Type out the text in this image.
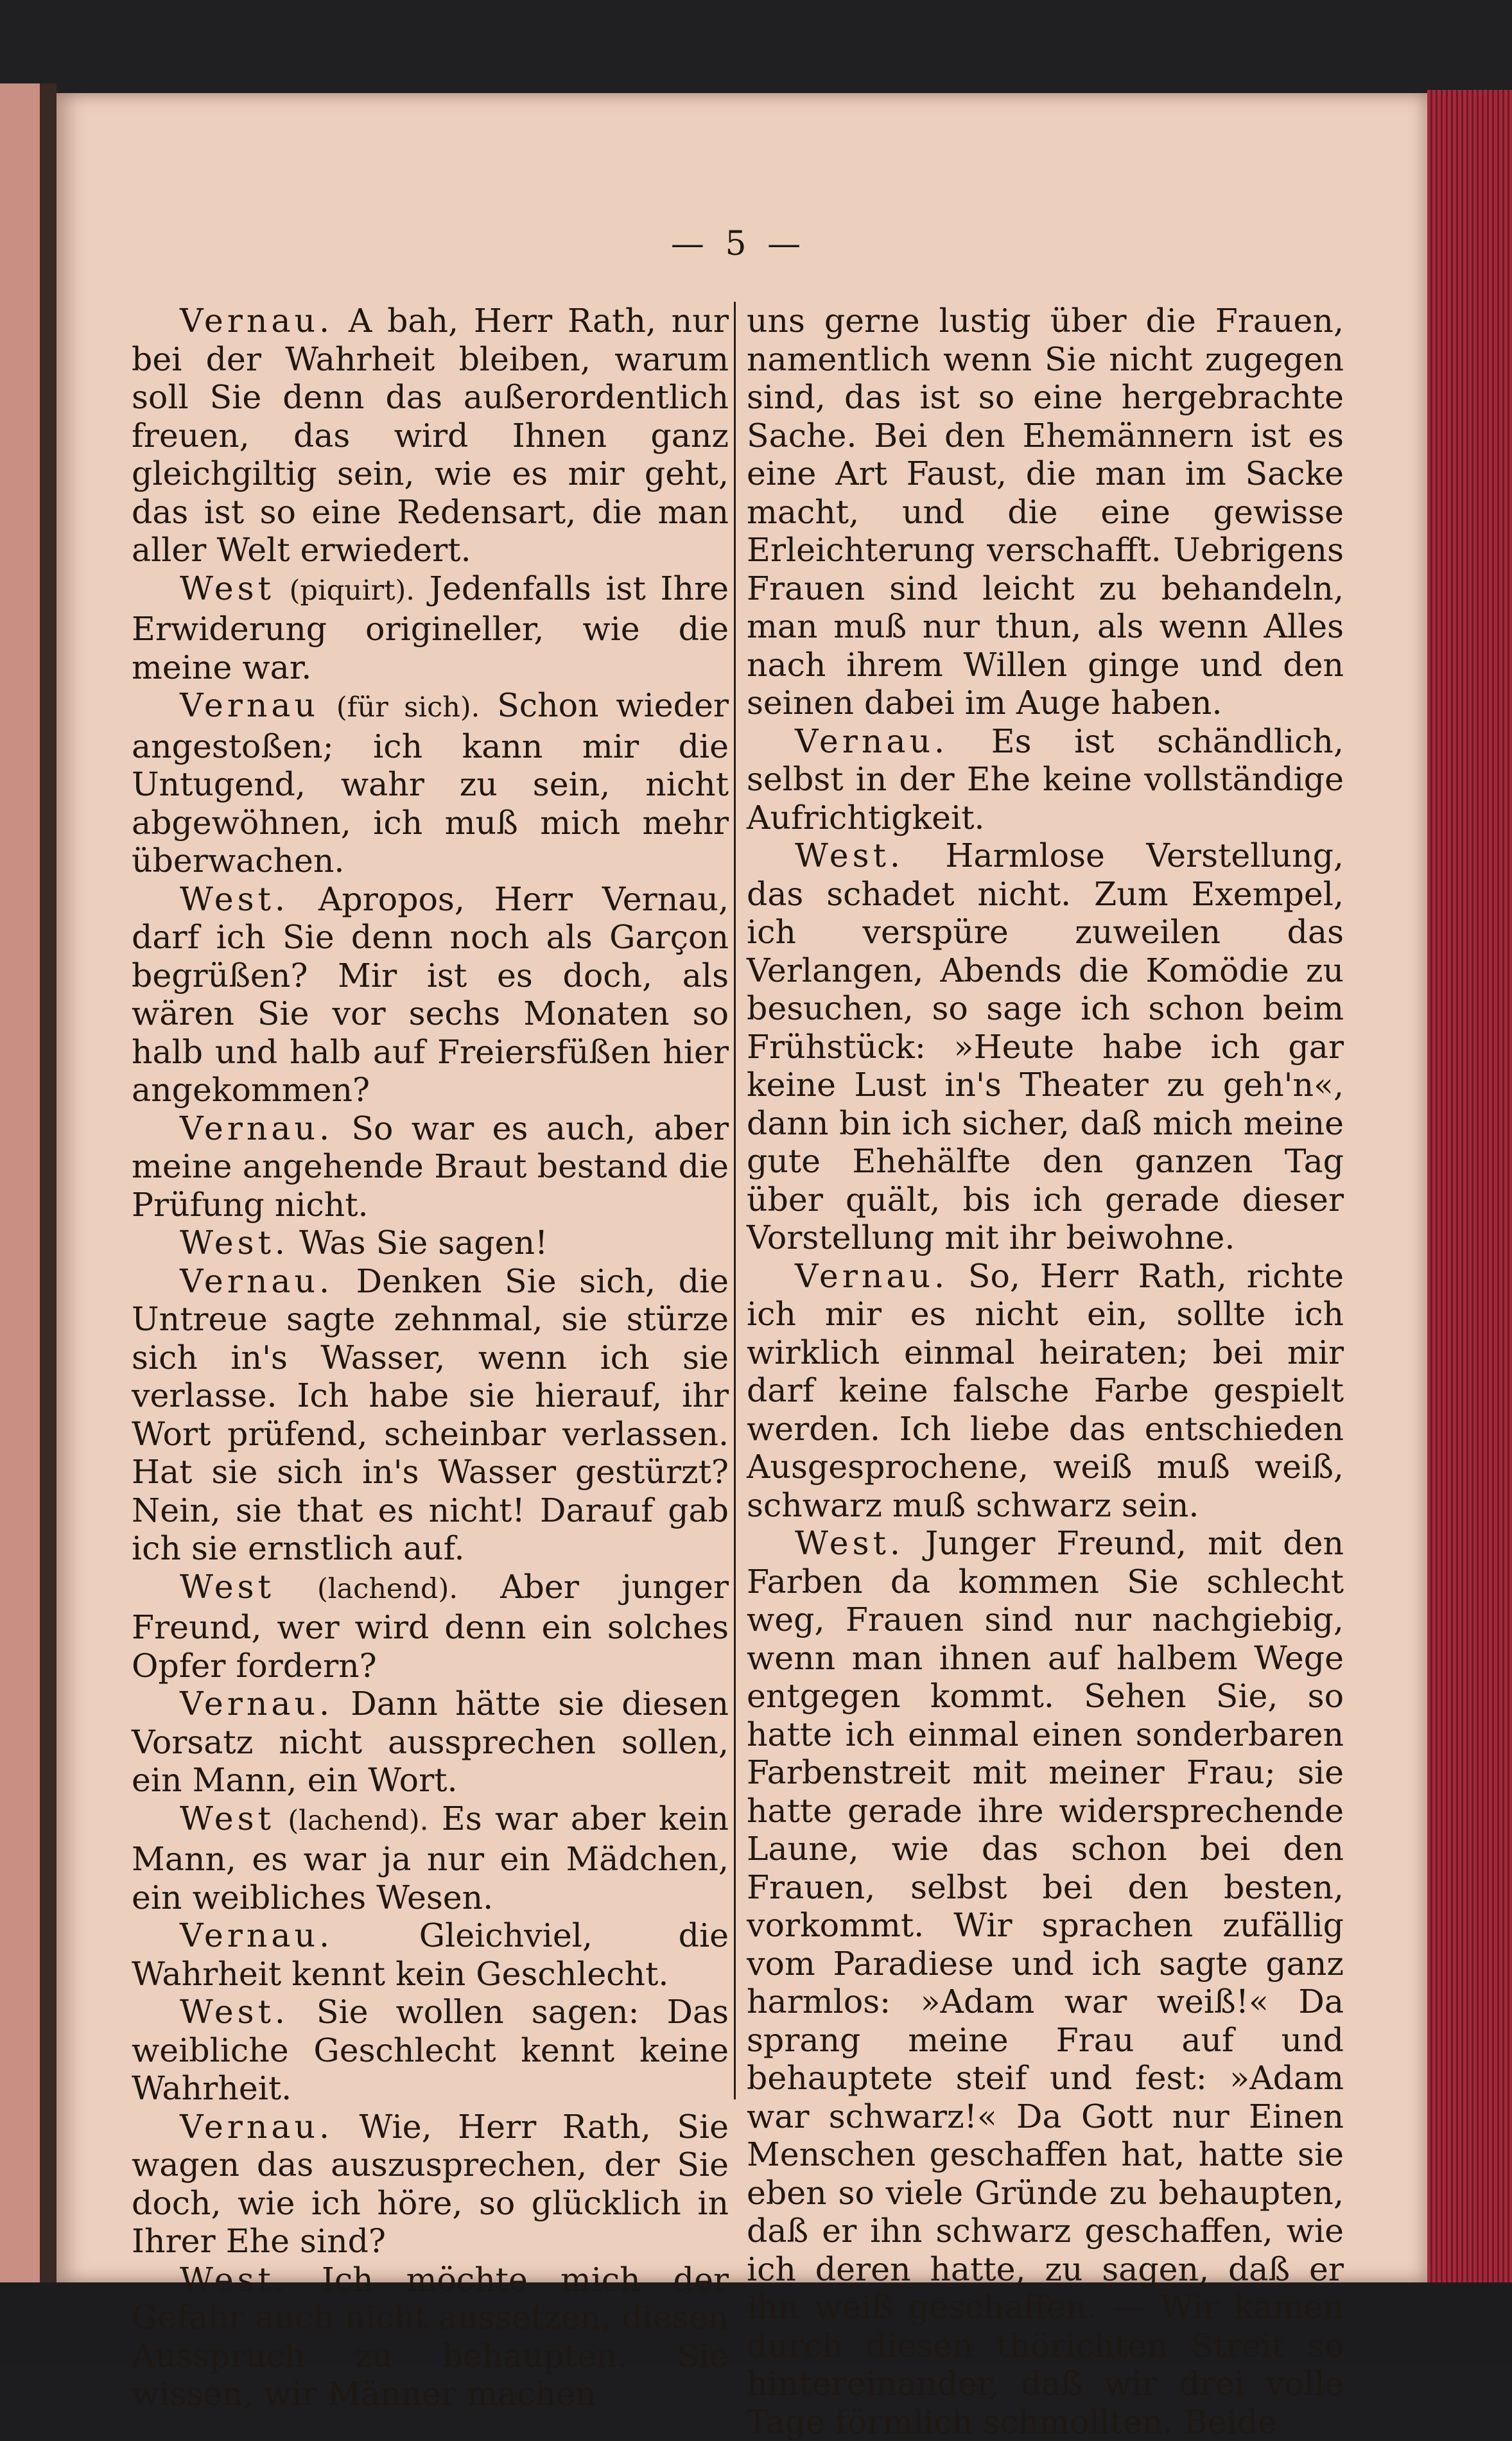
— 5 —

Vernau. A bah, Herr Rath, nur bei der Wahrheit bleiben, warum soll Sie denn das außerordentlich freuen, das wird Ihnen ganz gleichgiltig sein, wie es mir geht, das ist so eine Redensart, die man aller Welt erwiedert.

West (piquirt). Jedenfalls ist Ihre Erwiderung origineller, wie die meine war.

Vernau (für sich). Schon wieder angestoßen; ich kann mir die Untugend, wahr zu sein, nicht abgewöhnen, ich muß mich mehr überwachen.

West. Apropos, Herr Vernau, darf ich Sie denn noch als Garçon begrüßen? Mir ist es doch, als wären Sie vor sechs Monaten so halb und halb auf Freiersfüßen hier angekommen?

Vernau. So war es auch, aber meine angehende Braut bestand die Prüfung nicht.

West. Was Sie sagen!

Vernau. Denken Sie sich, die Untreue sagte zehnmal, sie stürze sich in's Wasser, wenn ich sie verlasse. Ich habe sie hierauf, ihr Wort prüfend, scheinbar verlassen. Hat sie sich in's Wasser gestürzt? Nein, sie that es nicht! Darauf gab ich sie ernstlich auf.

West (lachend). Aber junger Freund, wer wird denn ein solches Opfer fordern?

Vernau. Dann hätte sie diesen Vorsatz nicht aussprechen sollen, ein Mann, ein Wort.

West (lachend). Es war aber kein Mann, es war ja nur ein Mädchen, ein weibliches Wesen.

Vernau.	Gleichviel, die Wahrheit kennt kein Geschlecht.

West. Sie wollen sagen: Das weibliche Geschlecht kennt keine Wahrheit.

Vernau. Wie, Herr Rath, Sie wagen das auszusprechen, der Sie doch, wie ich höre, so glücklich in Ihrer Ehe sind?

West. Ich möchte mich der Gefahr auch nicht aussetzen, diesen Ausspruch zu behaupten. Sie wissen, wir Männer machen

uns gerne lustig über die Frauen, namentlich wenn Sie nicht zugegen sind, das ist so eine hergebrachte Sache. Bei den Ehemännern ist es eine Art Faust, die man im Sacke macht, und die eine gewisse Erleichterung verschafft. Uebrigens Frauen sind leicht zu behandeln, man muß nur thun, als wenn Alles nach ihrem Willen ginge und den seinen dabei im Auge haben.

Vernau. Es ist schändlich, selbst in der Ehe keine vollständige Aufrichtigkeit.

West. Harmlose Verstellung, das schadet nicht. Zum Exempel, ich verspüre zuweilen das Verlangen, Abends die Komödie zu besuchen, so sage ich schon beim Frühstück: »Heute habe ich gar keine Lust in's Theater zu geh'n«, dann bin ich sicher, daß mich meine gute Ehehälfte den ganzen Tag über quält, bis ich gerade dieser Vorstellung mit ihr beiwohne.

Vernau. So, Herr Rath, richte ich mir es nicht ein, sollte ich wirklich einmal heiraten; bei mir darf keine falsche Farbe gespielt werden. Ich liebe das entschieden Ausgesprochene, weiß muß weiß, schwarz muß schwarz sein.

West. Junger Freund, mit den Farben da kommen Sie schlecht weg, Frauen sind nur nachgiebig, wenn man ihnen auf halbem Wege entgegen kommt. Sehen Sie, so hatte ich einmal einen sonderbaren Farbenstreit mit meiner Frau; sie hatte gerade ihre widersprechende Laune, wie das schon bei den Frauen, selbst bei den besten, vorkommt. Wir sprachen zufällig vom Paradiese und ich sagte ganz harmlos: »Adam war weiß!« Da sprang meine Frau auf und behauptete steif und fest: »Adam war schwarz!« Da Gott nur Einen Menschen geschaffen hat, hatte sie eben so viele Gründe zu behaupten, daß er ihn schwarz geschaffen, wie ich deren hatte, zu sagen, daß er ihn weiß geschaffen. — Wir kamen durch diesen thörichten Streit so hintereinander, daß wir drei volle Tage förmlich schmollten. Beide
